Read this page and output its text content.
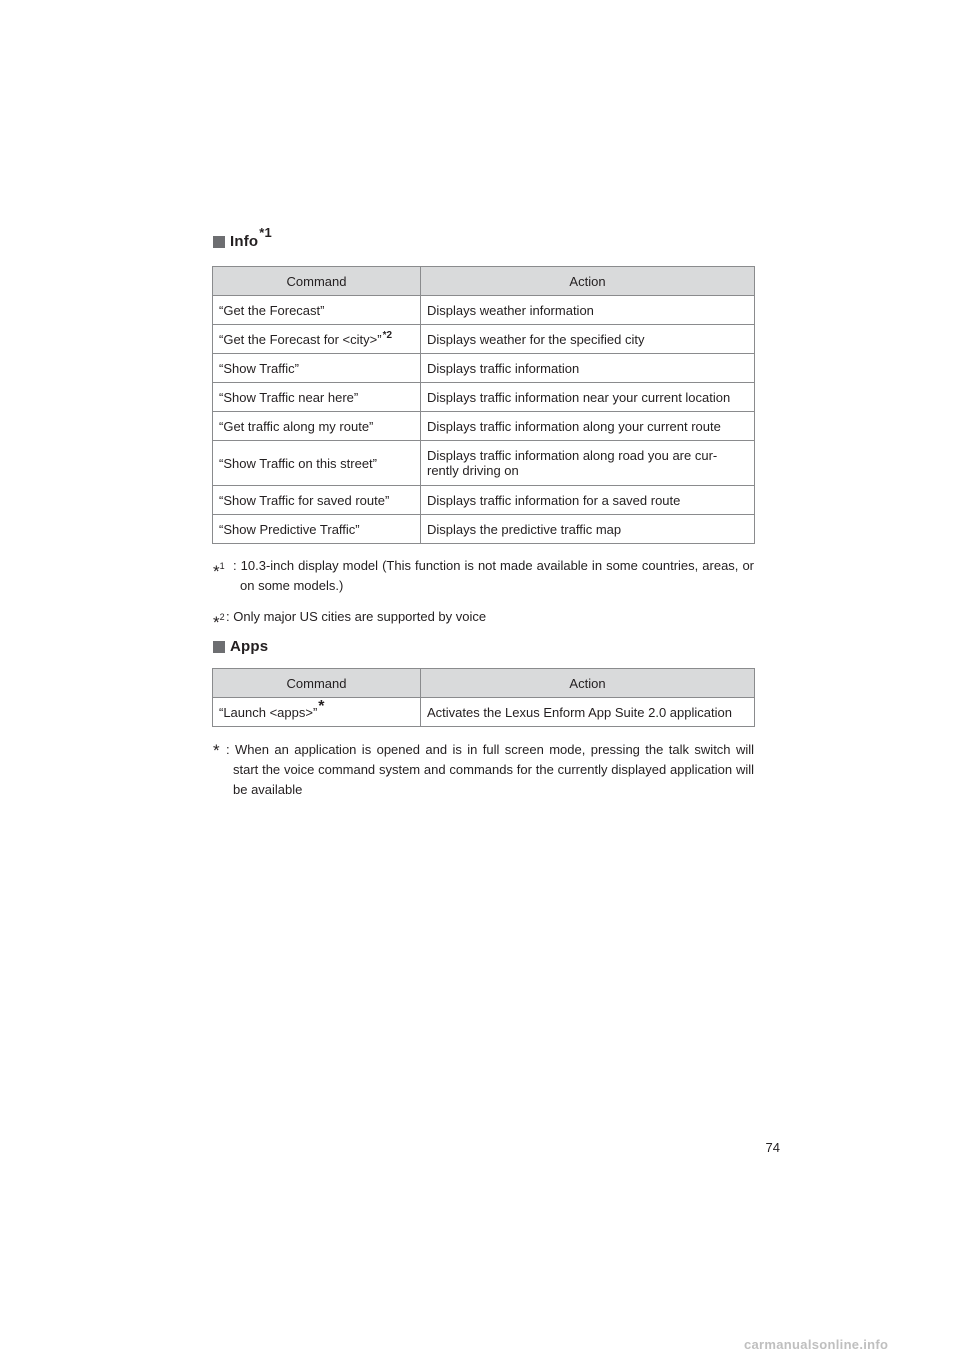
Info
*1
Command	Action
“Get the Forecast”	Displays weather information
“Get the Forecast for <city>”$^{*2}$	Displays weather for the specified city
“Show Traffic”	Displays traffic information
“Show Traffic near here”	Displays traffic information near your current location
“Get traffic along my route”	Displays traffic information along your current route
“Show Traffic on this street”	Displays traffic information along road you are cur-rently driving on
“Show Traffic for saved route”	Displays traffic information for a saved route
“Show Predictive Traffic”	Displays the predictive traffic map
*$^1$ : 10.3-inch display model (This function is not made available in some countries, areas, or on some models.)
*$^2$ : Only major US cities are supported by voice
Apps
Command	Action
“Launch <apps>”*	Activates the Lexus Enform App Suite 2.0 application
* : When an application is opened and is in full screen mode, pressing the talk switch will start the voice command system and commands for the currently displayed application will be available
74
carmanualsonline.info
